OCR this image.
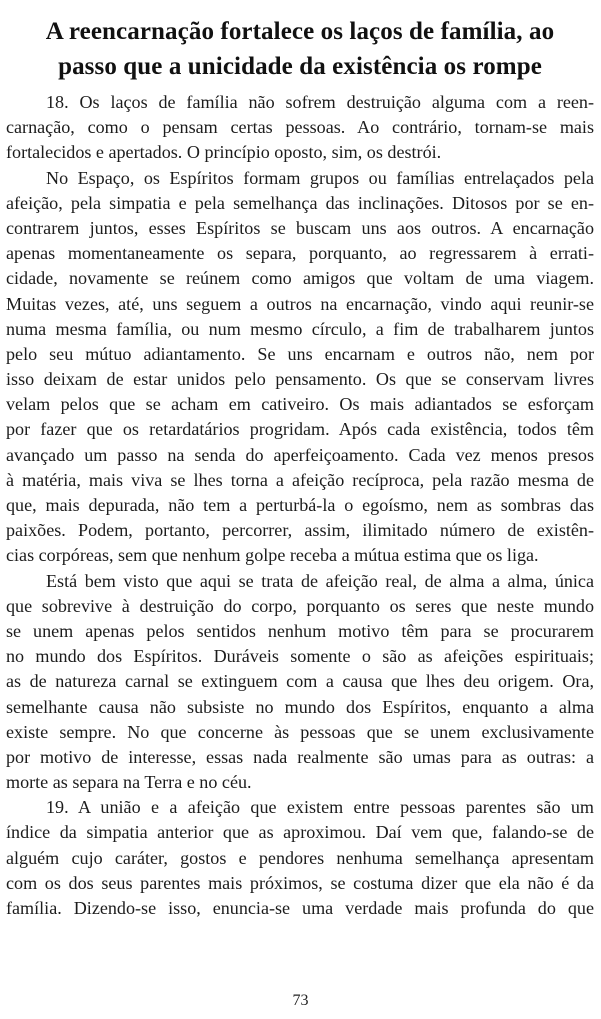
A reencarnação fortalece os laços de família, ao
passo que a unicidade da existência os rompe

18. Os laços de família não sofrem destruição alguma com a reen-
carnação, como o pensam certas pessoas. Ao contrário, tornam-se mais
fortalecidos e apertados. O princípio oposto, sim, os destrói.

No Espaço, os Espíritos formam grupos ou famílias entrelaçados pela
afeição, pela simpatia e pela semelhança das inclinações. Ditosos por se en-
contrarem juntos, esses Espíritos se buscam uns aos outros. A encarnação
apenas momentaneamente os separa, porquanto, ao regressarem à errati-
cidade, novamente se reúnem como amigos que voltam de uma viagem.
Muitas vezes, até, uns seguem a outros na encarnação, vindo aqui reunir-se
numa mesma família, ou num mesmo círculo, a fim de trabalharem juntos
pelo seu mútuo adiantamento. Se uns encarnam e outros não, nem por
isso deixam de estar unidos pelo pensamento. Os que se conservam livres
velam pelos que se acham em cativeiro. Os mais adiantados se esforçam
por fazer que os retardatários progridam. Após cada existência, todos têm
avançado um passo na senda do aperfeiçoamento. Cada vez menos presos
à matéria, mais viva se lhes torna a afeição recíproca, pela razão mesma de
que, mais depurada, não tem a perturbá-la o egoísmo, nem as sombras das
paixões. Podem, portanto, percorrer, assim, ilimitado número de existên-
cias corpóreas, sem que nenhum golpe receba a mútua estima que os liga.

Está bem visto que aqui se trata de afeição real, de alma a alma, única
que sobrevive à destruição do corpo, porquanto os seres que neste mundo
se unem apenas pelos sentidos nenhum motivo têm para se procurarem
no mundo dos Espíritos. Duráveis somente o são as afeições espirituais;
as de natureza carnal se extinguem com a causa que lhes deu origem. Ora,
semelhante causa não subsiste no mundo dos Espíritos, enquanto a alma
existe sempre. No que concerne às pessoas que se unem exclusivamente
por motivo de interesse, essas nada realmente são umas para as outras: a
morte as separa na Terra e no céu.

19. A união e a afeição que existem entre pessoas parentes são um
índice da simpatia anterior que as aproximou. Daí vem que, falando-se de
alguém cujo caráter, gostos e pendores nenhuma semelhança apresentam
com os dos seus parentes mais próximos, se costuma dizer que ela não é da
família. Dizendo-se isso, enuncia-se uma verdade mais profunda do que

73
